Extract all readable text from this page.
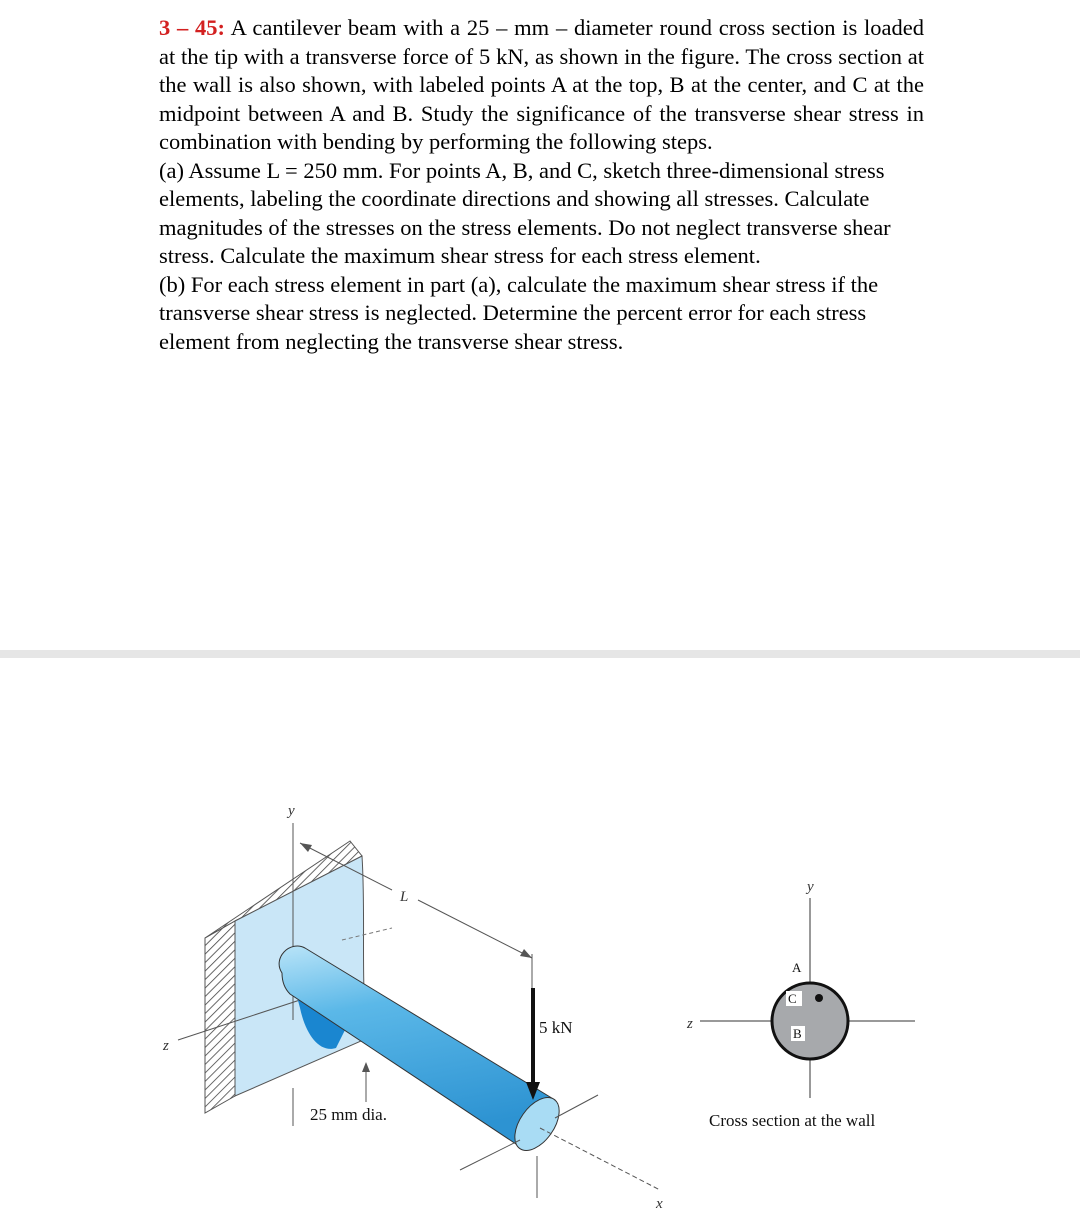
3 – 45: A cantilever beam with a 25 – mm – diameter round cross section is loaded at the tip with a transverse force of 5 kN, as shown in the figure. The cross section at the wall is also shown, with labeled points A at the top, B at the center, and C at the midpoint between A and B. Study the significance of the transverse shear stress in combination with bending by performing the following steps.

(a) Assume L = 250 mm. For points A, B, and C, sketch three-dimensional stress elements, labeling the coordinate directions and showing all stresses. Calculate magnitudes of the stresses on the stress elements. Do not neglect transverse shear stress. Calculate the maximum shear stress for each stress element.

(b) For each stress element in part (a), calculate the maximum shear stress if the transverse shear stress is neglected. Determine the percent error for each stress element from neglecting the transverse shear stress.

y
z
L
x
25 mm dia.
5 kN
A
C
B
y
z
Cross section at the wall
